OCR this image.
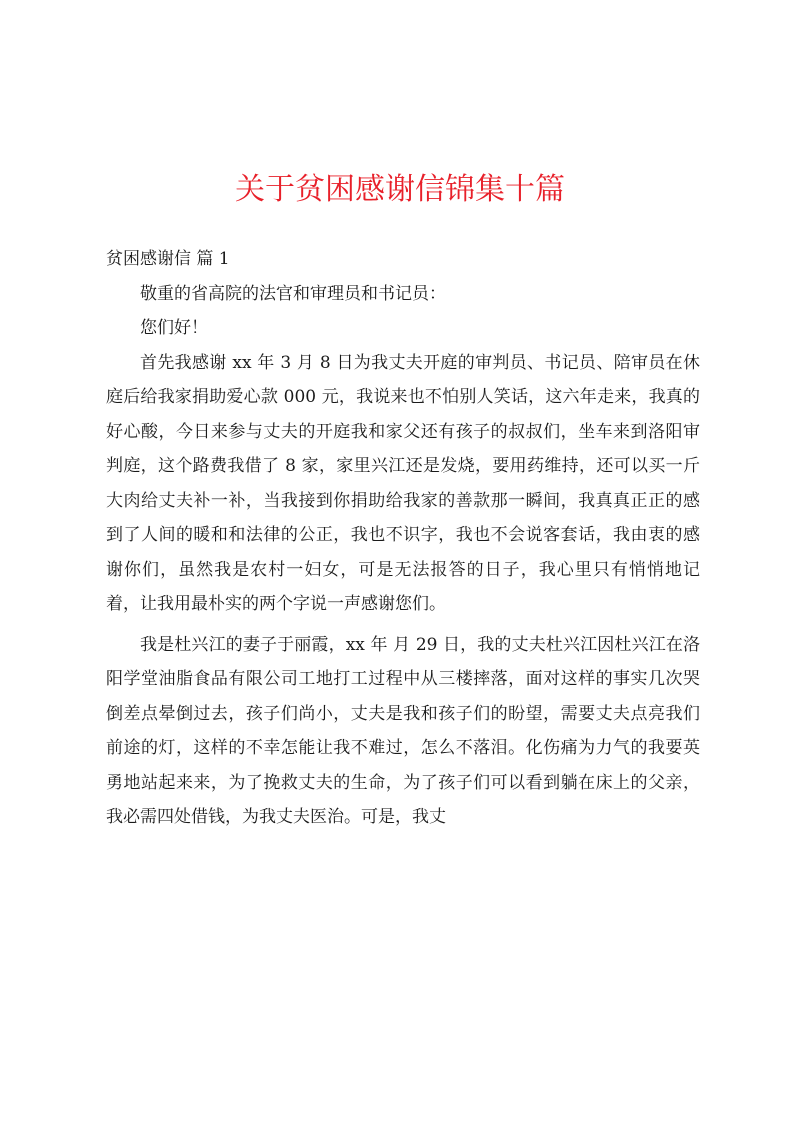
关于贫困感谢信锦集十篇

贫困感谢信 篇 1

敬重的省高院的法官和审理员和书记员：

您们好！

首先我感谢 xx 年 3 月 8 日为我丈夫开庭的审判员、书记员、陪审员在休庭后给我家捐助爱心款 000 元，我说来也不怕别人笑话，这六年走来，我真的好心酸，今日来参与丈夫的开庭我和家父还有孩子的叔叔们，坐车来到洛阳审判庭，这个路费我借了 8 家，家里兴江还是发烧，要用药维持，还可以买一斤大肉给丈夫补一补，当我接到你捐助给我家的善款那一瞬间，我真真正正的感到了人间的暖和和法律的公正，我也不识字，我也不会说客套话，我由衷的感谢你们，虽然我是农村一妇女，可是无法报答的日子，我心里只有悄悄地记着，让我用最朴实的两个字说一声感谢您们。

我是杜兴江的妻子于丽霞，xx 年 月 29 日，我的丈夫杜兴江因杜兴江在洛阳学堂油脂食品有限公司工地打工过程中从三楼摔落，面对这样的事实几次哭倒差点晕倒过去，孩子们尚小，丈夫是我和孩子们的盼望，需要丈夫点亮我们前途的灯，这样的不幸怎能让我不难过，怎么不落泪。化伤痛为力气的我要英勇地站起来来，为了挽救丈夫的生命，为了孩子们可以看到躺在床上的父亲，我必需四处借钱，为我丈夫医治。可是，我丈
